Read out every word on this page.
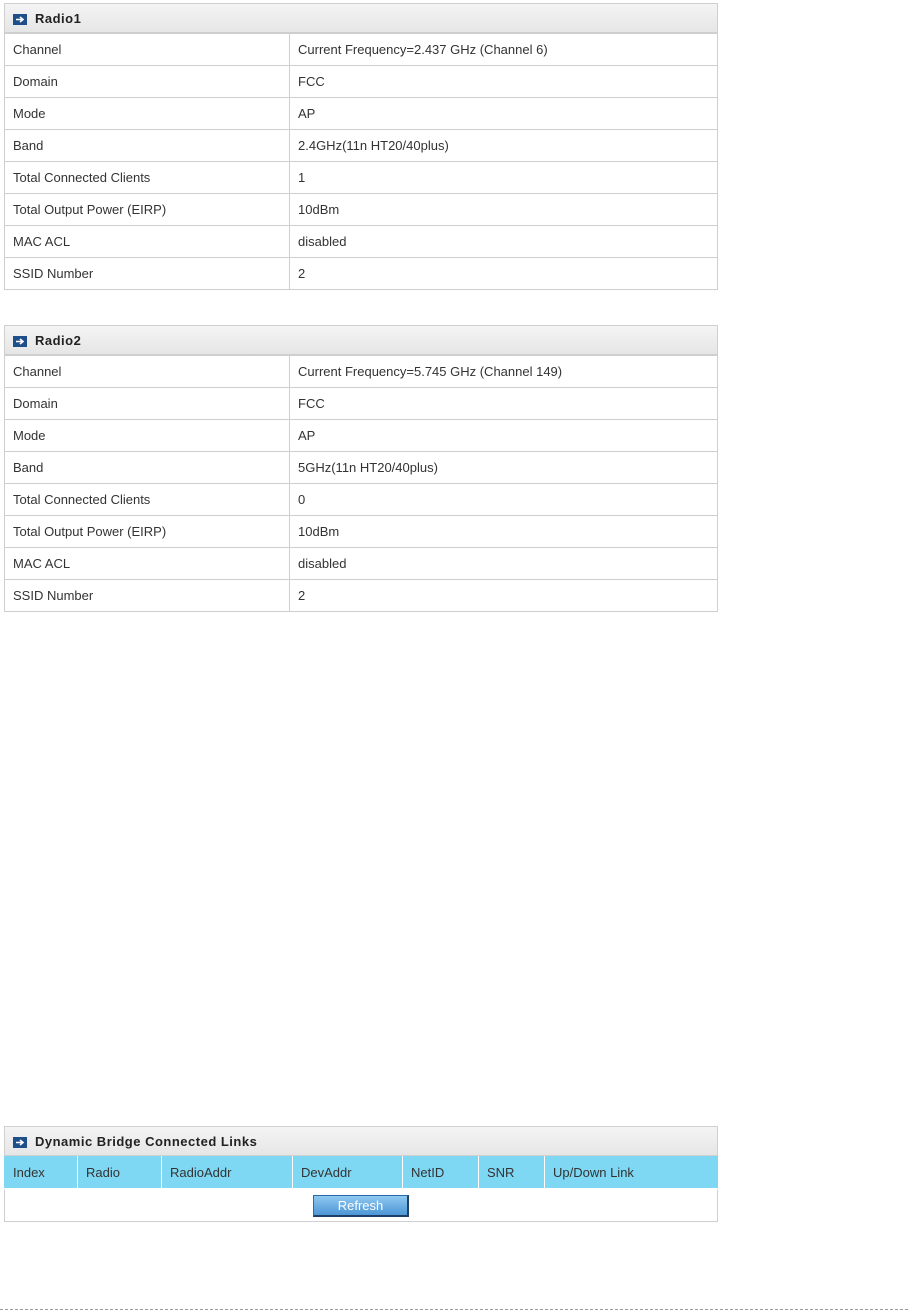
Radio1
Channel	Current Frequency=2.437 GHz (Channel 6)
Domain	FCC
Mode	AP
Band	2.4GHz(11n HT20/40plus)
Total Connected Clients	1
Total Output Power (EIRP)	10dBm
MAC ACL	disabled
SSID Number	2
Radio2
Channel	Current Frequency=5.745 GHz (Channel 149)
Domain	FCC
Mode	AP
Band	5GHz(11n HT20/40plus)
Total Connected Clients	0
Total Output Power (EIRP)	10dBm
MAC ACL	disabled
SSID Number	2
Dynamic Bridge Connected Links
Index	Radio	RadioAddr	DevAddr	NetID	SNR	Up/Down Link
Refresh
